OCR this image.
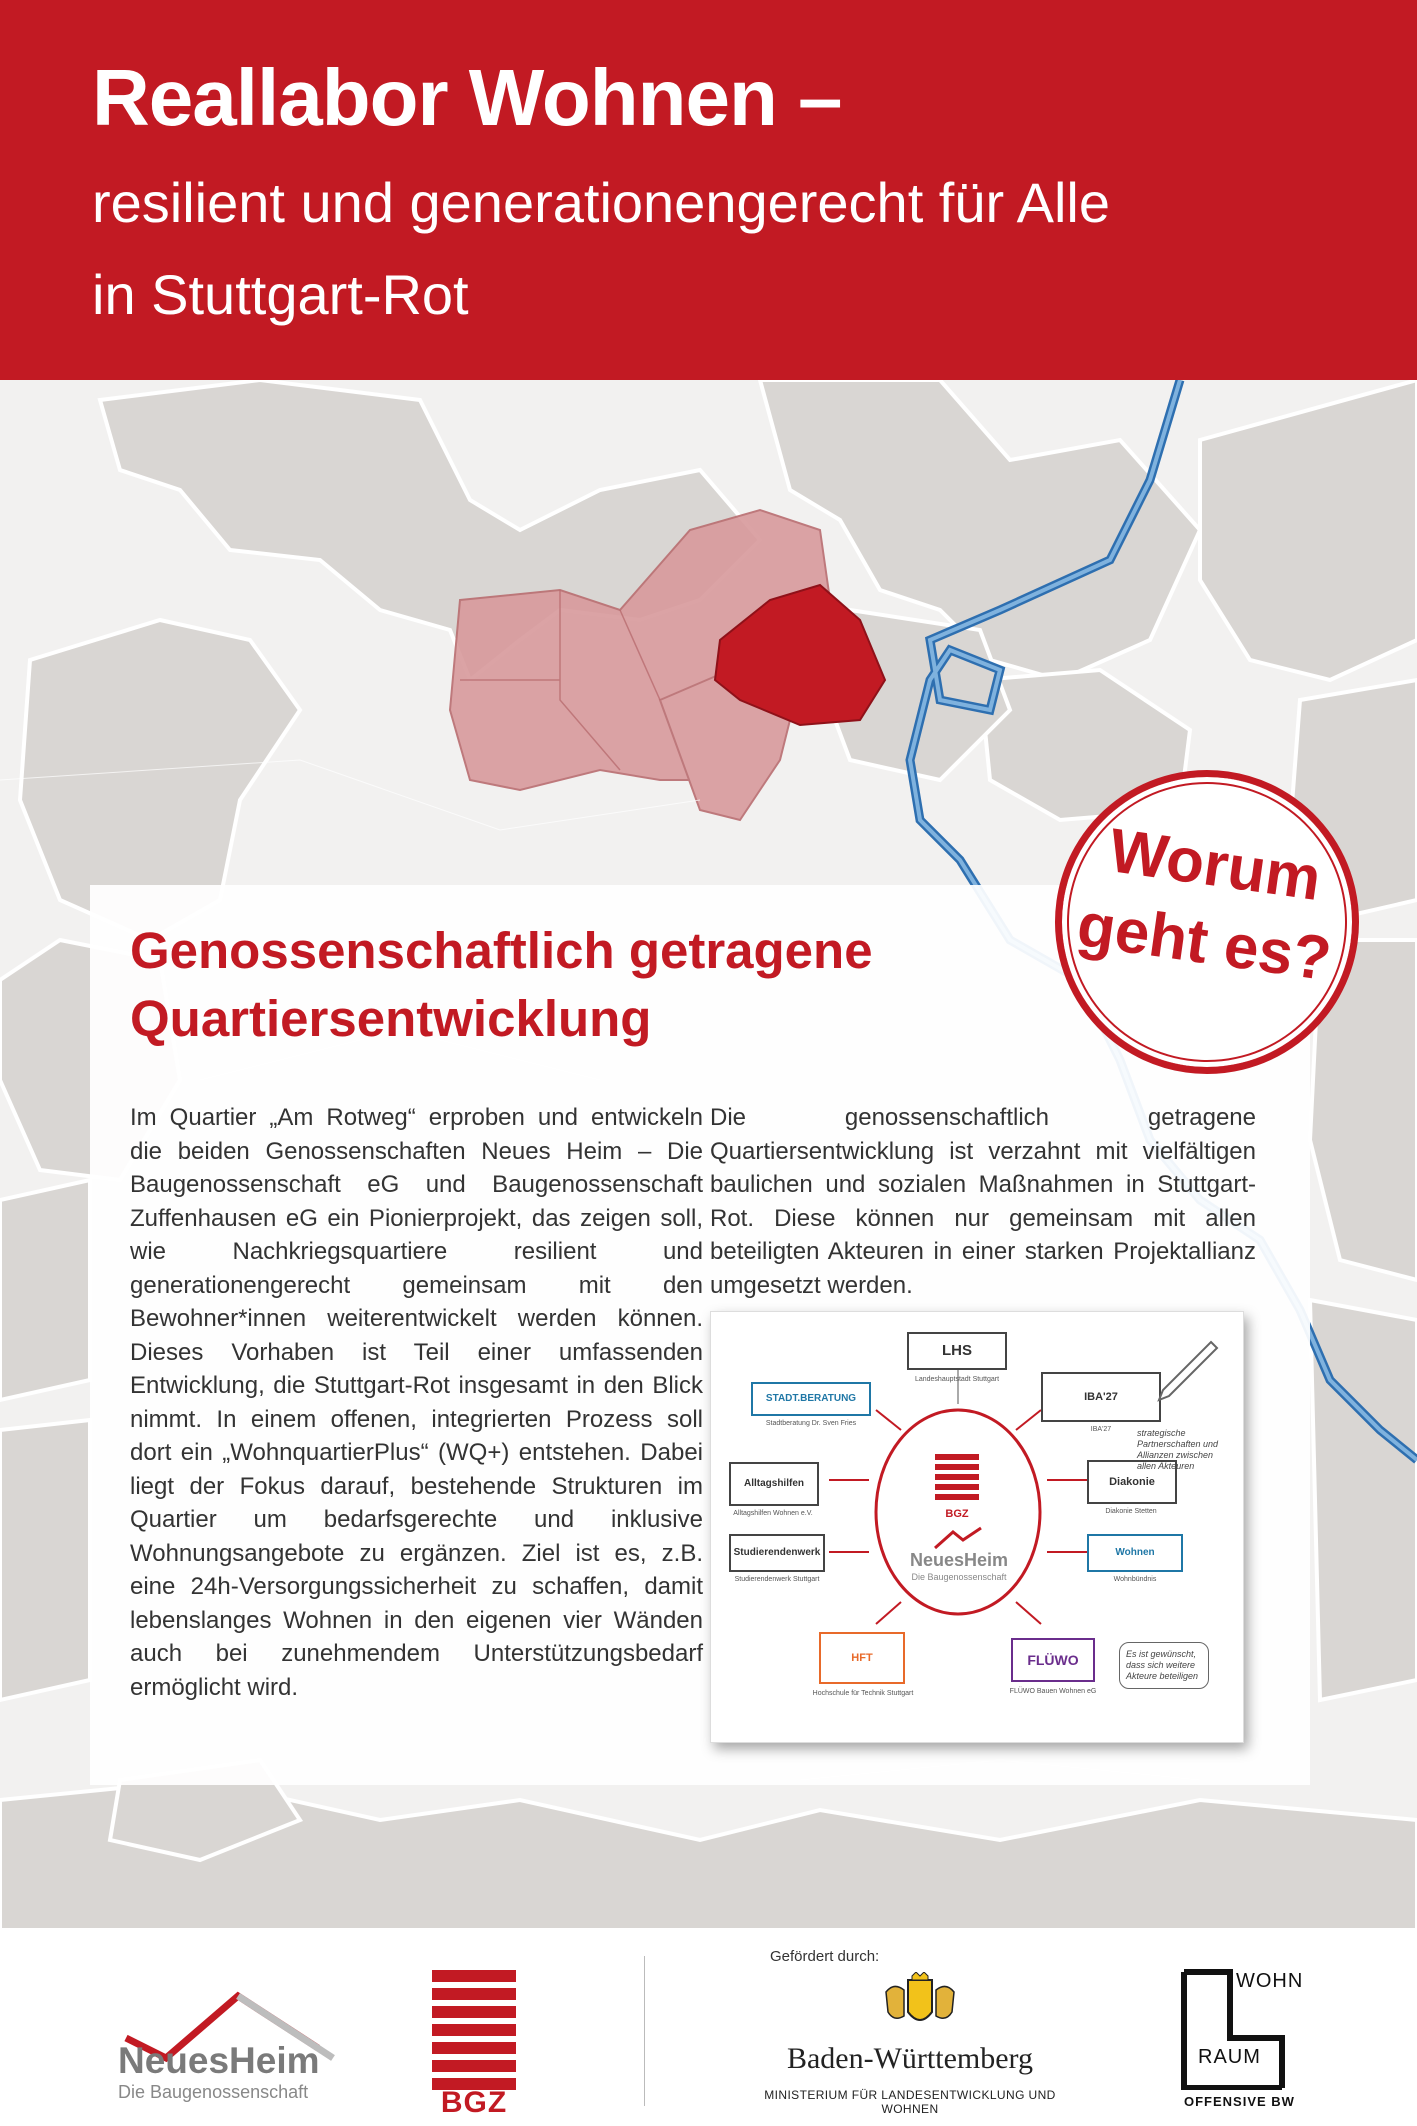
Reallabor Wohnen –
resilient und generationengerecht für Alle
in Stuttgart-Rot
Genossenschaftlich getragene
Quartiersentwicklung

Im Quartier „Am Rotweg“ erproben und entwickeln die beiden Genossenschaften Neues Heim – Die Baugenossenschaft eG und Baugenossenschaft Zuffenhausen eG ein Pionierprojekt, das zeigen soll, wie Nachkriegsquartiere resilient und generationengerecht gemeinsam mit den Bewohner*innen weiterentwickelt werden können. Dieses Vorhaben ist Teil einer umfassenden Entwicklung, die Stuttgart-Rot insgesamt in den Blick nimmt. In einem offenen, integrierten Prozess soll dort ein „WohnquartierPlus“ (WQ+) entstehen. Dabei liegt der Fokus darauf, bestehende Strukturen im Quartier um bedarfsgerechte und inklusive Wohnungsangebote zu ergänzen. Ziel ist es, z.B. eine 24h-Versorgungssicherheit zu schaffen, damit lebenslanges Wohnen in den eigenen vier Wänden auch bei zunehmendem Unterstützungsbedarf ermöglicht wird.

Die genossenschaftlich getragene Quartiersentwicklung ist verzahnt mit vielfältigen baulichen und sozialen Maßnahmen in Stuttgart-Rot. Diese können nur gemeinsam mit allen beteiligten Akteuren in einer starken Projektallianz umgesetzt werden.

LHS
Landeshauptstadt Stuttgart
STADT.BERATUNG
Stadtberatung Dr. Sven Fries
IBA'27
IBA'27
Alltagshilfen
Alltagshilfen Wohnen e.V.
Diakonie
Diakonie Stetten
Studierendenwerk
Studierendenwerk Stuttgart
Wohnen
Wohnbündnis
HFT
Hochschule für Technik Stuttgart
FLÜWO
FLÜWO Bauen Wohnen eG
BGZ
NeuesHeim
Die Baugenossenschaft
strategische Partnerschaften und Allianzen zwischen allen Akteuren
Es ist gewünscht, dass sich weitere Akteure beteiligen
Worum
geht es?
NeuesHeim
Die Baugenossenschaft	BGZ
Gefördert durch:
Baden-Württemberg
MINISTERIUM FÜR LANDESENTWICKLUNG UND WOHNEN
WOHN
RAUM
OFFENSIVE BW
